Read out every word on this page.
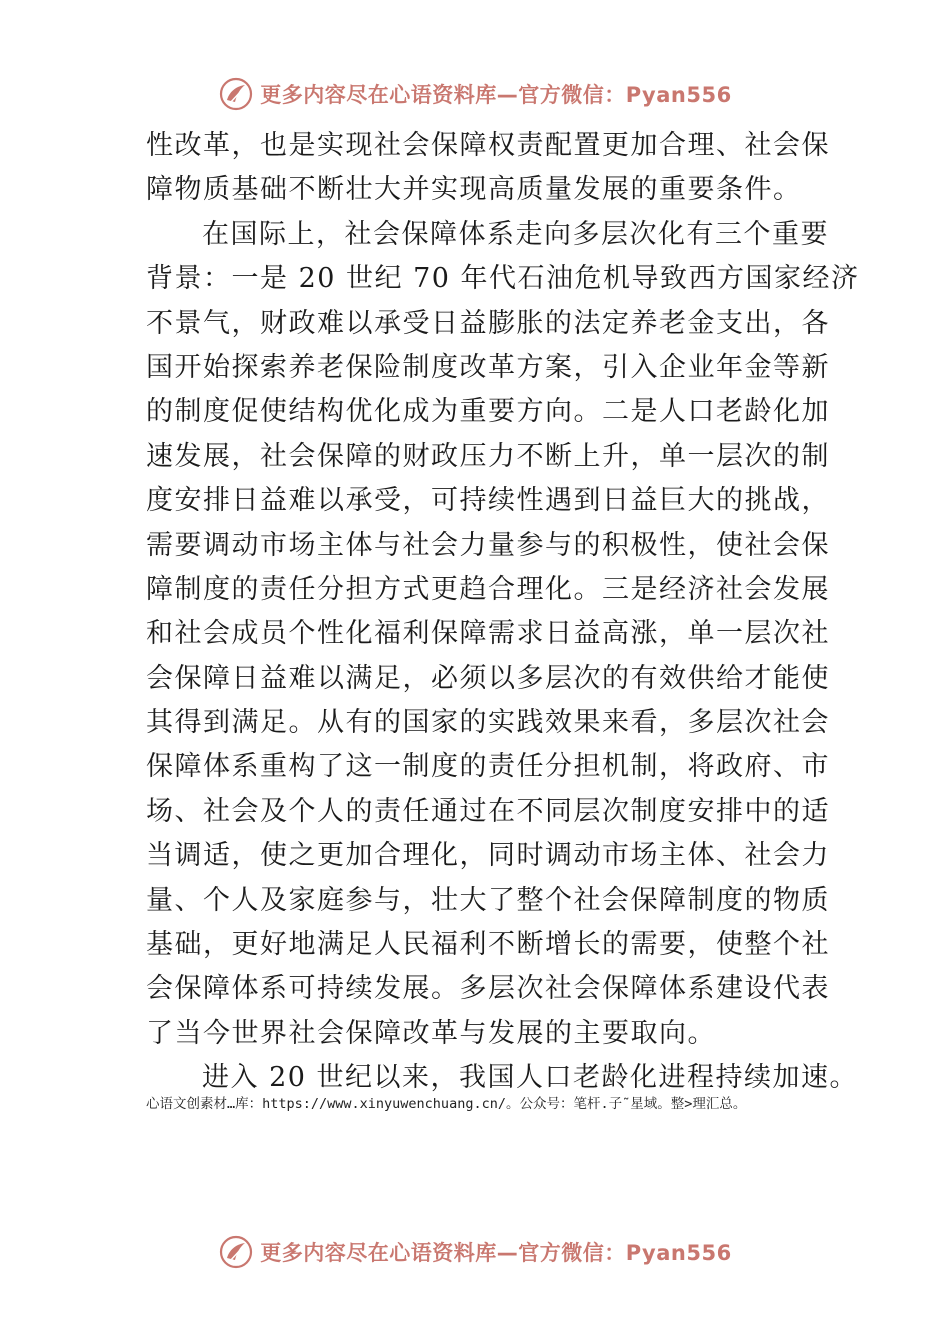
更多内容尽在心语资料库—官方微信：Pyan556
性改革，也是实现社会保障权责配置更加合理、社会保
障物质基础不断壮大并实现高质量发展的重要条件。
在国际上，社会保障体系走向多层次化有三个重要
背景：一是 20 世纪 70 年代石油危机导致西方国家经济
不景气，财政难以承受日益膨胀的法定养老金支出，各
国开始探索养老保险制度改革方案，引入企业年金等新
的制度促使结构优化成为重要方向。二是人口老龄化加
速发展，社会保障的财政压力不断上升，单一层次的制
度安排日益难以承受，可持续性遇到日益巨大的挑战，
需要调动市场主体与社会力量参与的积极性，使社会保
障制度的责任分担方式更趋合理化。三是经济社会发展
和社会成员个性化福利保障需求日益高涨，单一层次社
会保障日益难以满足，必须以多层次的有效供给才能使
其得到满足。从有的国家的实践效果来看，多层次社会
保障体系重构了这一制度的责任分担机制，将政府、市
场、社会及个人的责任通过在不同层次制度安排中的适
当调适，使之更加合理化，同时调动市场主体、社会力
量、个人及家庭参与，壮大了整个社会保障制度的物质
基础，更好地满足人民福利不断增长的需要，使整个社
会保障体系可持续发展。多层次社会保障体系建设代表
了当今世界社会保障改革与发展的主要取向。
进入 20 世纪以来，我国人口老龄化进程持续加速。
心语文创素材…库：https://www.xinyuwenchuang.cn/。公众号：笔杆.子˜星域。整>理汇总。
更多内容尽在心语资料库—官方微信：Pyan556
